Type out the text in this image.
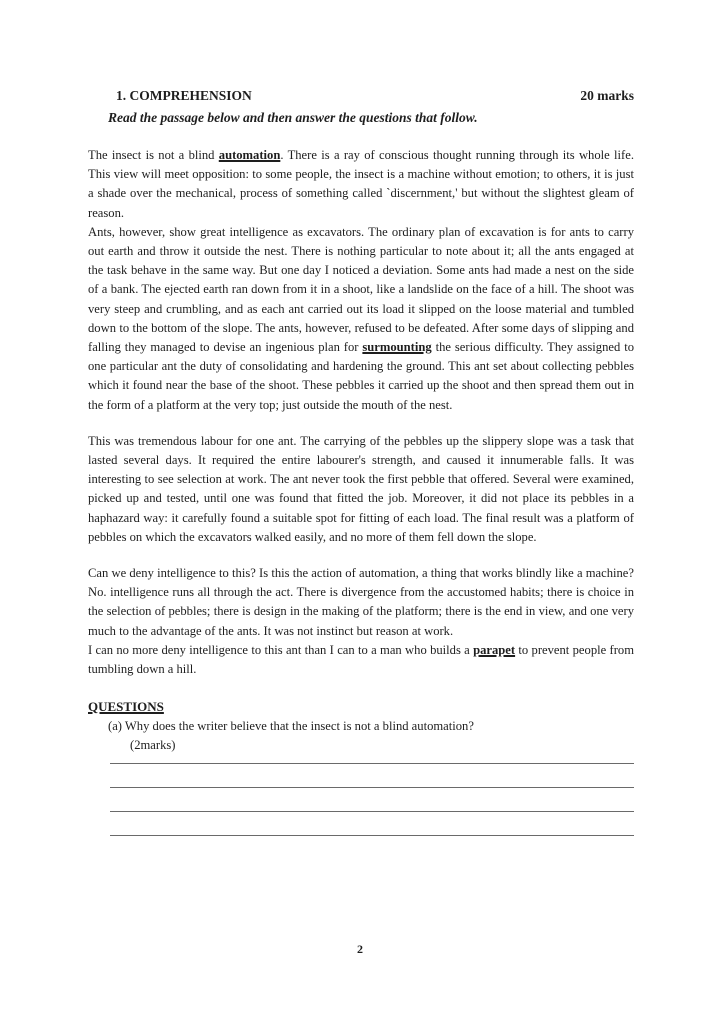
1. COMPREHENSION	20 marks
Read the passage below and then answer the questions that follow.

The insect is not a blind automation. There is a ray of conscious thought running through its whole life. This view will meet opposition: to some people, the insect is a machine without emotion; to others, it is just a shade over the mechanical, process of something called `discernment,' but without the slightest gleam of reason.

Ants, however, show great intelligence as excavators. The ordinary plan of excavation is for ants to carry out earth and throw it outside the nest. There is nothing particular to note about it; all the ants engaged at the task behave in the same way. But one day I noticed a deviation. Some ants had made a nest on the side of a bank. The ejected earth ran down from it in a shoot, like a landslide on the face of a hill. The shoot was very steep and crumbling, and as each ant carried out its load it slipped on the loose material and tumbled down to the bottom of the slope. The ants, however, refused to be defeated. After some days of slipping and falling they managed to devise an ingenious plan for surmounting the serious difficulty. They assigned to one particular ant the duty of consolidating and hardening the ground. This ant set about collecting pebbles which it found near the base of the shoot. These pebbles it carried up the shoot and then spread them out in the form of a platform at the very top; just outside the mouth of the nest.

This was tremendous labour for one ant. The carrying of the pebbles up the slippery slope was a task that lasted several days. It required the entire labourer's strength, and caused it innumerable falls. It was interesting to see selection at work. The ant never took the first pebble that offered. Several were examined, picked up and tested, until one was found that fitted the job. Moreover, it did not place its pebbles in a haphazard way: it carefully found a suitable spot for fitting of each load. The final result was a platform of pebbles on which the excavators walked easily, and no more of them fell down the slope.

Can we deny intelligence to this? Is this the action of automation, a thing that works blindly like a machine? No. intelligence runs all through the act. There is divergence from the accustomed habits; there is choice in the selection of pebbles; there is design in the making of the platform; there is the end in view, and one very much to the advantage of the ants. It was not instinct but reason at work.

I can no more deny intelligence to this ant than I can to a man who builds a parapet to prevent people from tumbling down a hill.

QUESTIONS
(a) Why does the writer believe that the insect is not a blind automation?
(2marks)
2
